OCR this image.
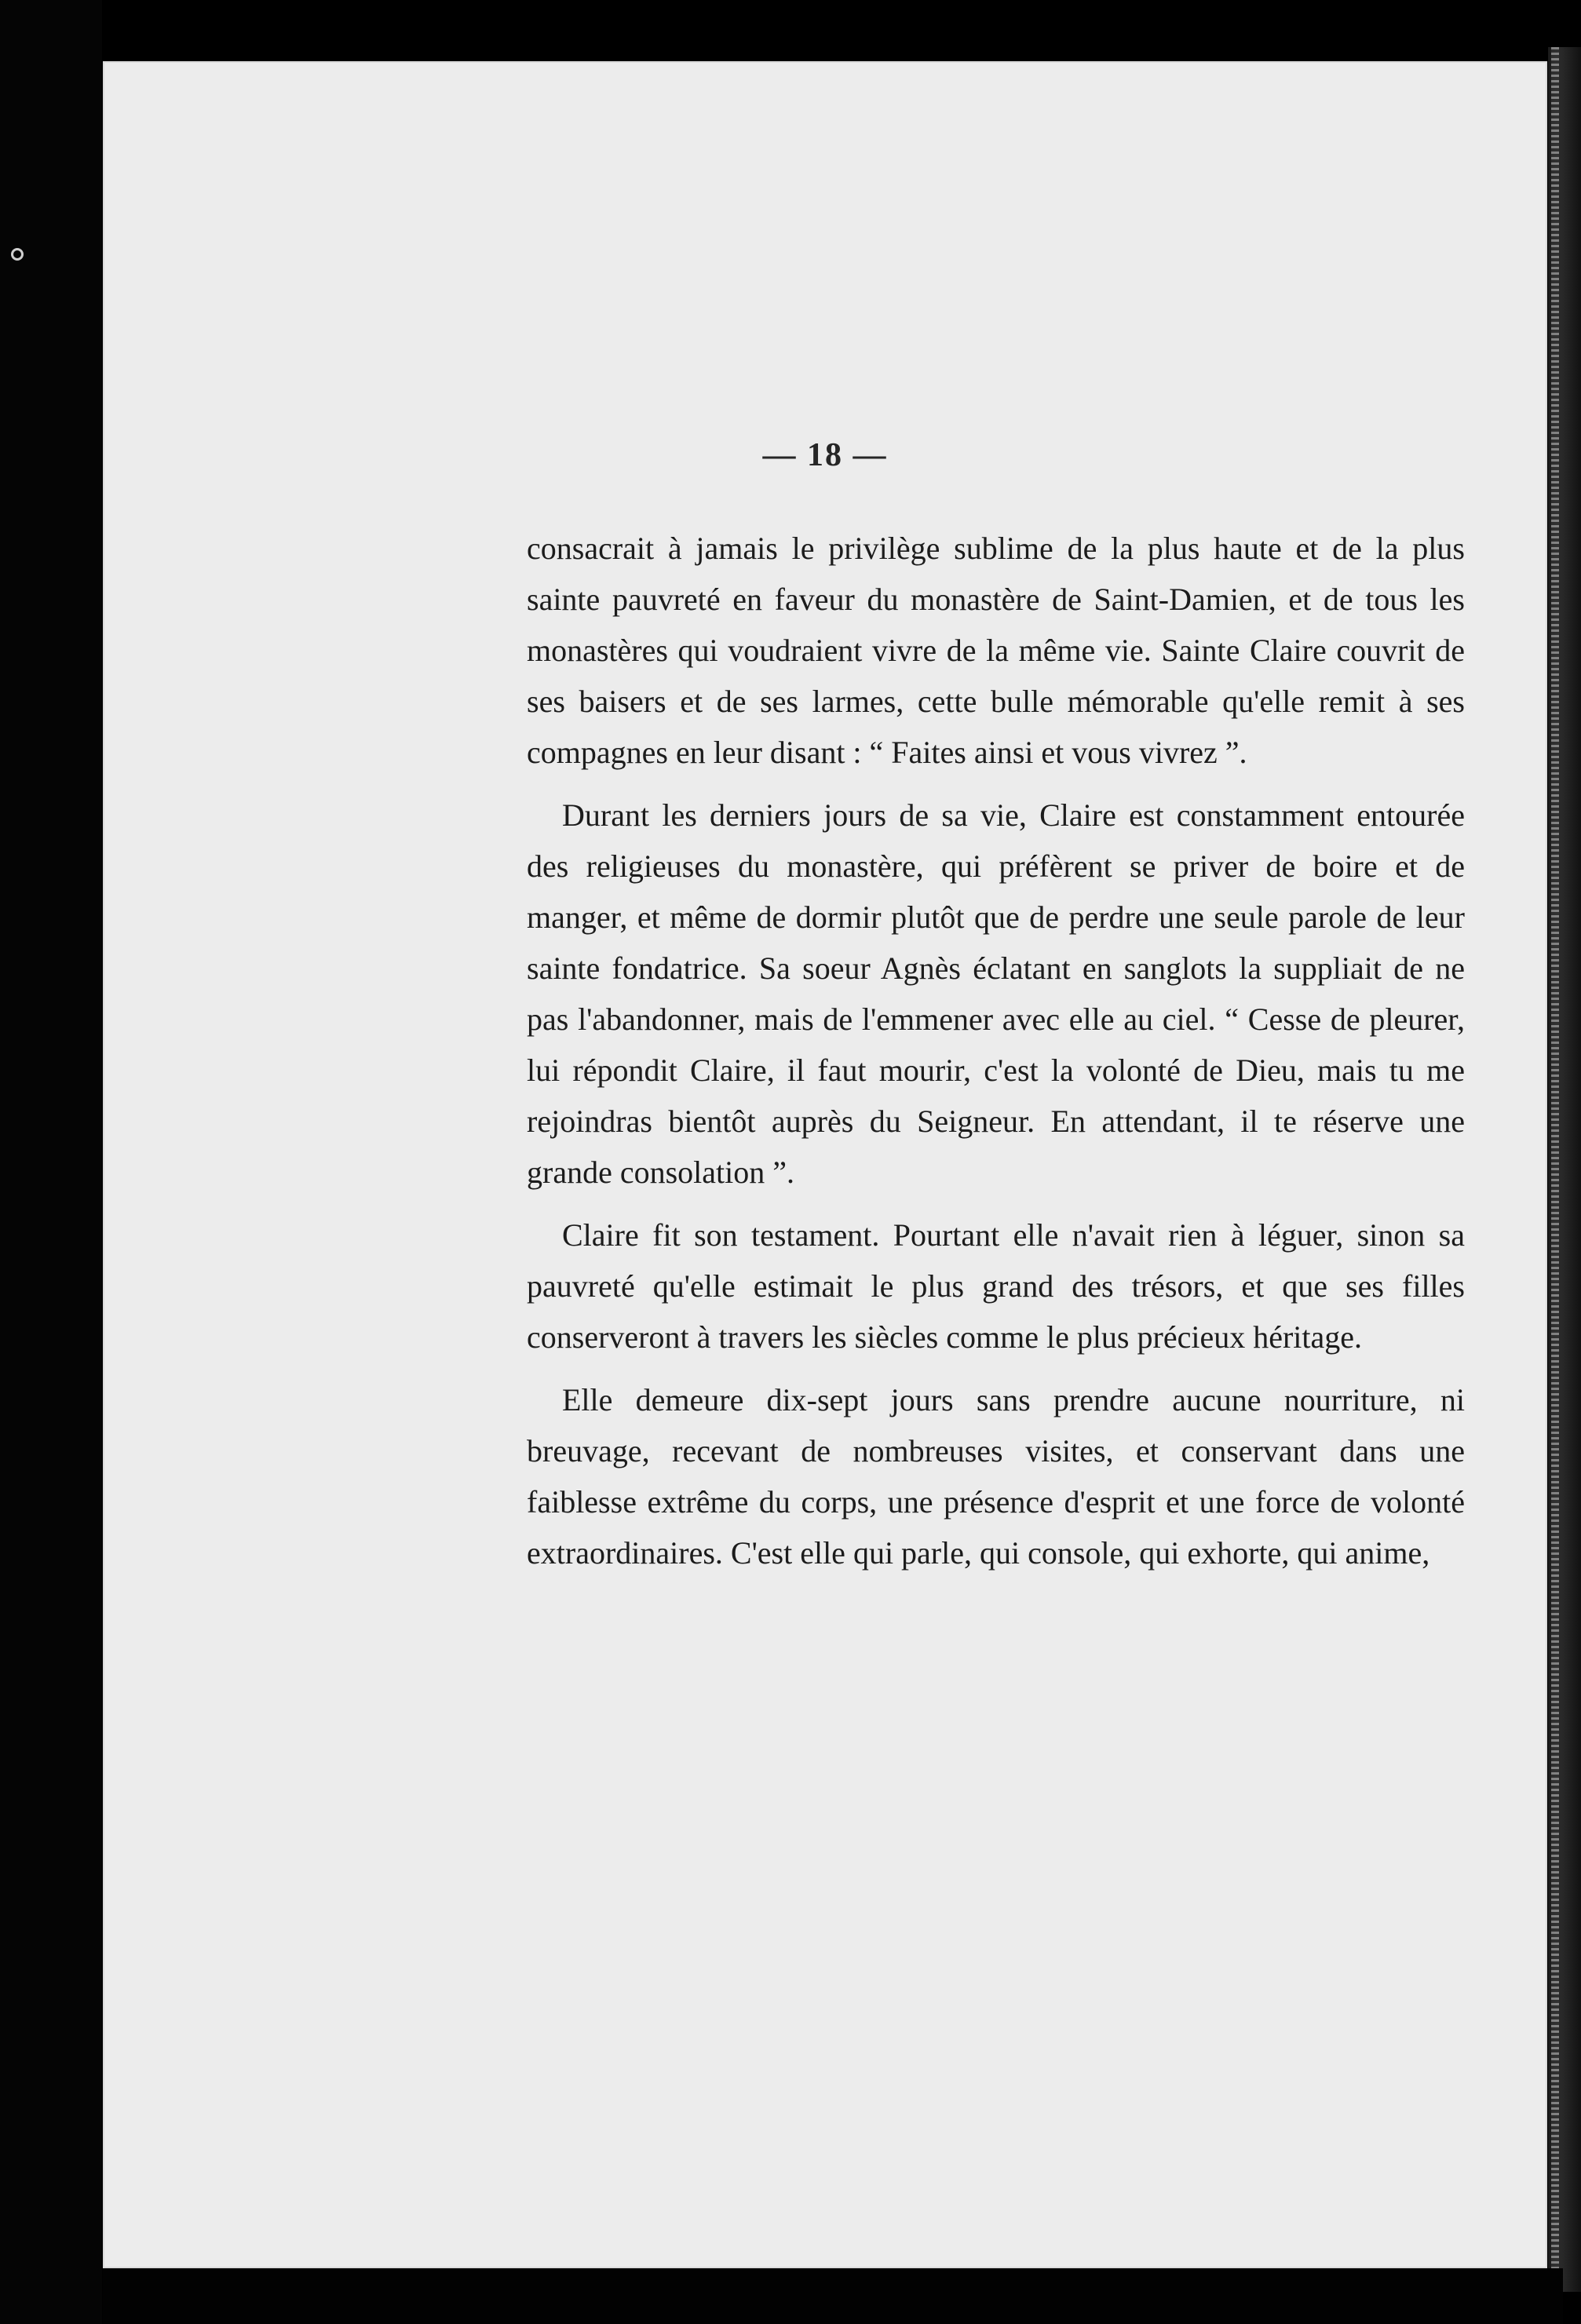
— 18 —

consacrait à jamais le privilège sublime de la plus haute et de la plus sainte pauvreté en faveur du monastère de Saint-Damien, et de tous les monastères qui voudraient vivre de la même vie. Sainte Claire couvrit de ses baisers et de ses larmes, cette bulle mémorable qu'elle remit à ses compagnes en leur disant : “ Faites ainsi et vous vivrez ”.

Durant les derniers jours de sa vie, Claire est constamment entourée des religieuses du monastère, qui préfèrent se priver de boire et de manger, et même de dormir plutôt que de perdre une seule parole de leur sainte fondatrice. Sa soeur Agnès éclatant en sanglots la suppliait de ne pas l'abandonner, mais de l'emmener avec elle au ciel. “ Cesse de pleurer, lui répondit Claire, il faut mourir, c'est la volonté de Dieu, mais tu me rejoindras bientôt auprès du Seigneur. En attendant, il te réserve une grande consolation ”.

Claire fit son testament. Pourtant elle n'avait rien à léguer, sinon sa pauvreté qu'elle estimait le plus grand des trésors, et que ses filles conserveront à travers les siècles comme le plus précieux héritage.

Elle demeure dix-sept jours sans prendre aucune nourriture, ni breuvage, recevant de nombreuses visites, et conservant dans une faiblesse extrême du corps, une présence d'esprit et une force de volonté extraordinaires. C'est elle qui parle, qui console, qui exhorte, qui anime,
